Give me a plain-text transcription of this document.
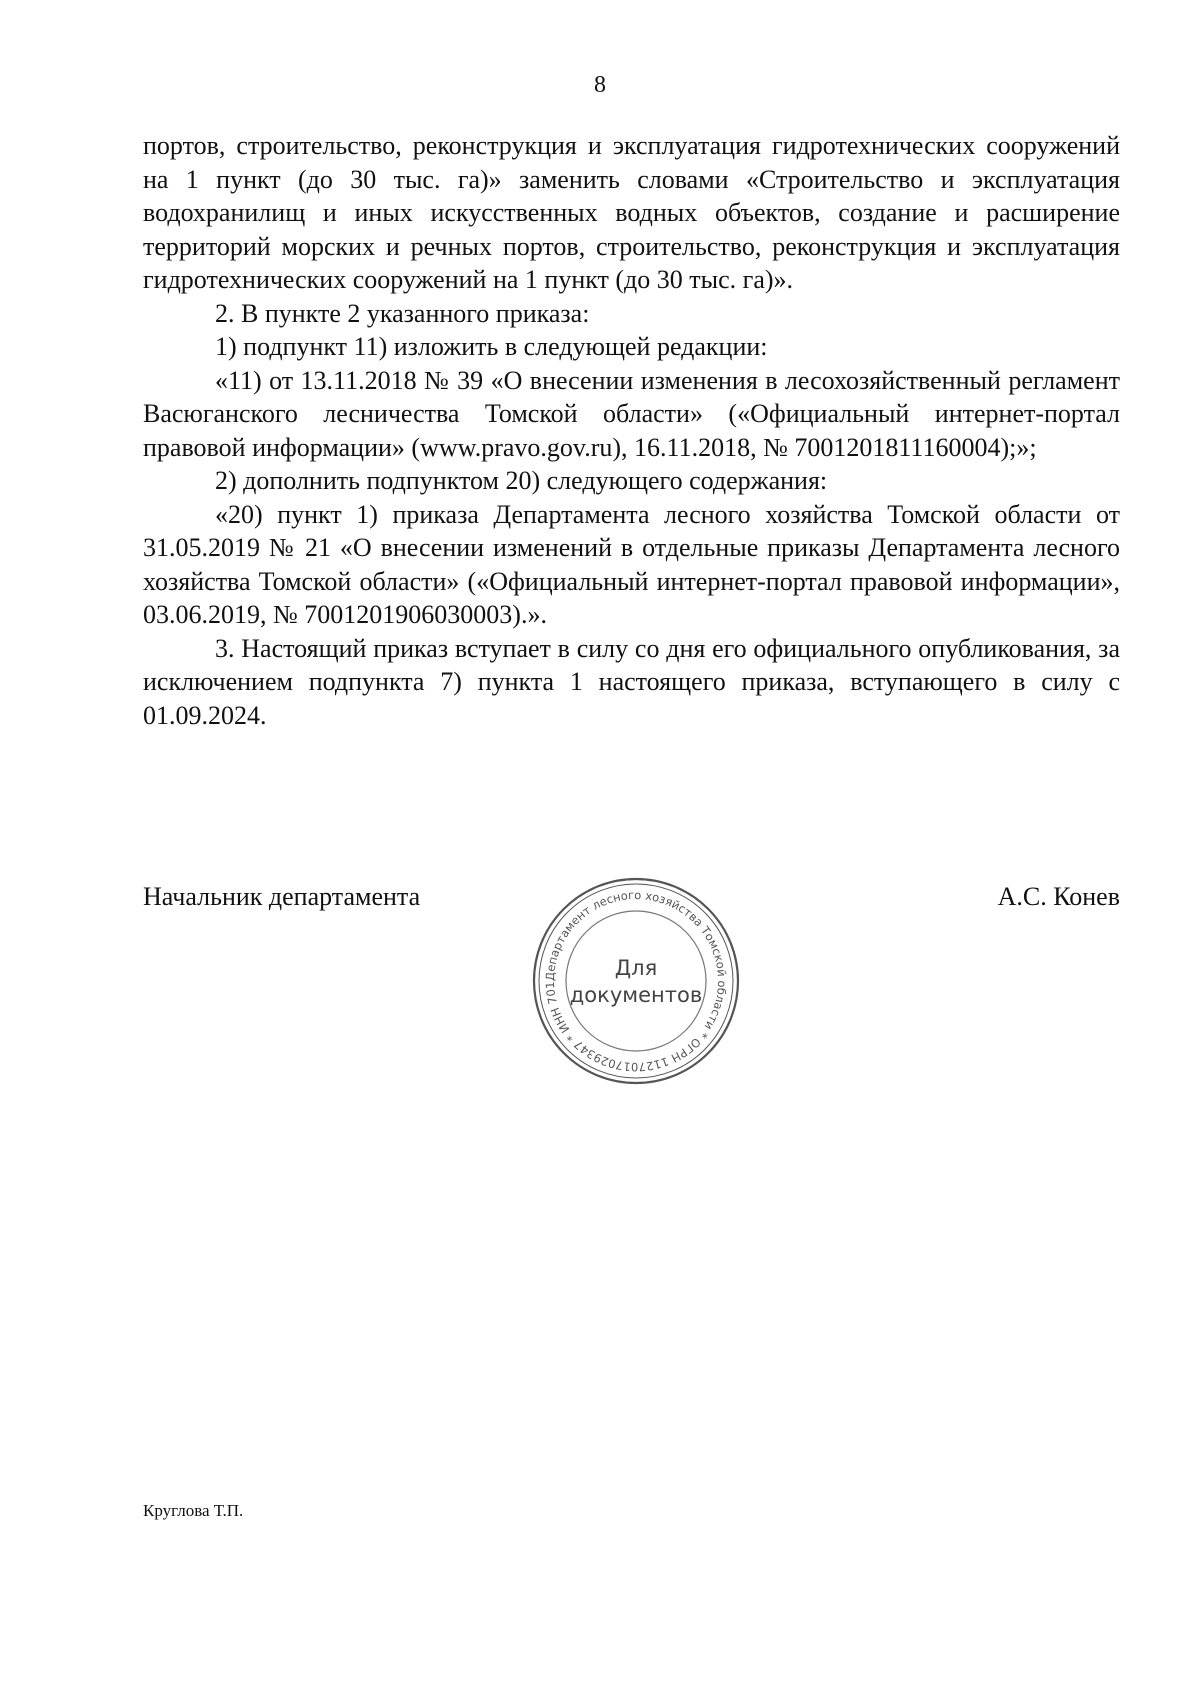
8

портов, строительство, реконструкция и эксплуатация гидротехнических сооружений на 1 пункт (до 30 тыс. га)» заменить словами «Строительство и эксплуатация водохранилищ и иных искусственных водных объектов, создание и расширение территорий морских и речных портов, строительство, реконструкция и эксплуатация гидротехнических сооружений на 1 пункт (до 30 тыс. га)».

2. В пункте 2 указанного приказа:

1) подпункт 11) изложить в следующей редакции:

«11) от 13.11.2018 № 39 «О внесении изменения в лесохозяйственный регламент Васюганского лесничества Томской области» («Официальный интернет-портал правовой информации» (www.pravo.gov.ru), 16.11.2018, № 7001201811160004);»;

2) дополнить подпунктом 20) следующего содержания:

«20) пункт 1) приказа Департамента лесного хозяйства Томской области от 31.05.2019 № 21 «О внесении изменений в отдельные приказы Департамента лесного хозяйства Томской области» («Официальный интернет-портал правовой информации», 03.06.2019, № 7001201906030003).».

3. Настоящий приказ вступает в силу со дня его официального опубликования, за исключением подпункта 7) пункта 1 настоящего приказа, вступающего в силу с 01.09.2024.

Начальник департамента	А.С. Конев
Департамент лесного хозяйства Томской области * ОГРН 1127017029347 * ИНН 701
Для
документов
Круглова Т.П.
